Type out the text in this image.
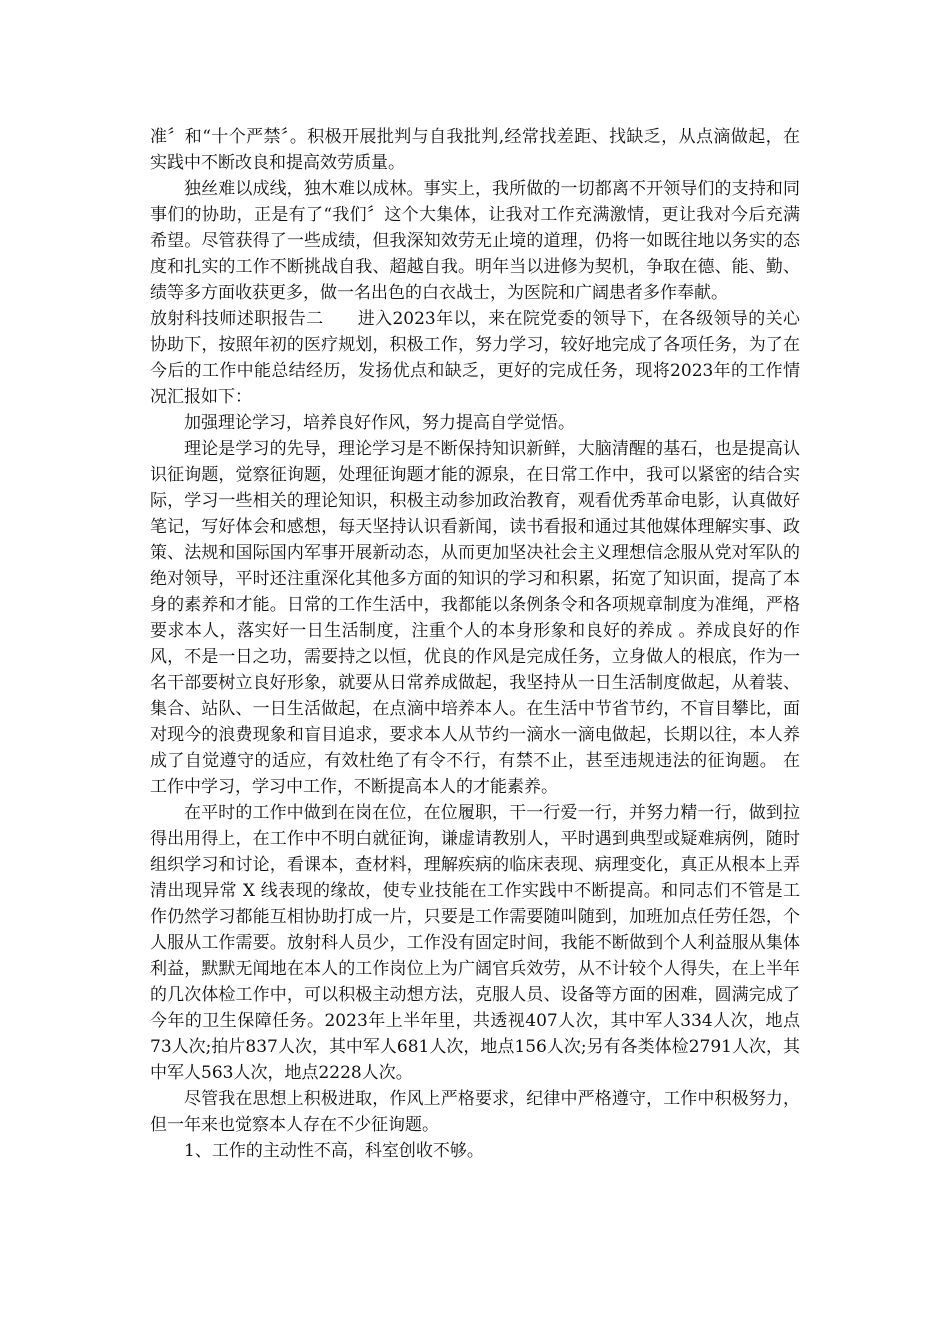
准〞和“十个严禁〞。积极开展批判与自我批判,经常找差距、找缺乏，从点滴做起，在实践中不断改良和提高效劳质量。

独丝难以成线，独木难以成林。事实上，我所做的一切都离不开领导们的支持和同事们的协助，正是有了“我们〞这个大集体，让我对工作充满激情，更让我对今后充满希望。尽管获得了一些成绩，但我深知效劳无止境的道理，仍将一如既往地以务实的态度和扎实的工作不断挑战自我、超越自我。明年当以进修为契机，争取在德、能、勤、绩等多方面收获更多，做一名出色的白衣战士，为医院和广阔患者多作奉献。

放射科技师述职报告二 进入2023年以，来在院党委的领导下，在各级领导的关心协助下，按照年初的医疗规划，积极工作，努力学习，较好地完成了各项任务，为了在今后的工作中能总结经历，发扬优点和缺乏，更好的完成任务，现将2023年的工作情况汇报如下：

加强理论学习，培养良好作风，努力提高自学觉悟。

理论是学习的先导，理论学习是不断保持知识新鲜，大脑清醒的基石，也是提高认识征询题，觉察征询题，处理征询题才能的源泉，在日常工作中，我可以紧密的结合实际，学习一些相关的理论知识，积极主动参加政治教育，观看优秀革命电影，认真做好笔记，写好体会和感想，每天坚持认识看新闻，读书看报和通过其他媒体理解实事、政策、法规和国际国内军事开展新动态，从而更加坚决社会主义理想信念服从党对军队的绝对领导，平时还注重深化其他多方面的知识的学习和积累，拓宽了知识面，提高了本身的素养和才能。日常的工作生活中，我都能以条例条令和各项规章制度为准绳，严格要求本人，落实好一日生活制度，注重个人的本身形象和良好的养成 。养成良好的作风，不是一日之功，需要持之以恒，优良的作风是完成任务，立身做人的根底，作为一名干部要树立良好形象，就要从日常养成做起，我坚持从一日生活制度做起，从着装、集合、站队、一日生活做起，在点滴中培养本人。在生活中节省节约，不盲目攀比，面对现今的浪费现象和盲目追求，要求本人从节约一滴水一滴电做起，长期以往，本人养成了自觉遵守的适应，有效杜绝了有令不行，有禁不止，甚至违规违法的征询题。 在工作中学习，学习中工作，不断提高本人的才能素养。

在平时的工作中做到在岗在位，在位履职，干一行爱一行，并努力精一行，做到拉得出用得上，在工作中不明白就征询，谦虚请教别人，平时遇到典型或疑难病例，随时组织学习和讨论，看课本，查材料，理解疾病的临床表现、病理变化，真正从根本上弄清出现异常 X 线表现的缘故，使专业技能在工作实践中不断提高。和同志们不管是工作仍然学习都能互相协助打成一片，只要是工作需要随叫随到，加班加点任劳任怨，个人服从工作需要。放射科人员少，工作没有固定时间，我能不断做到个人利益服从集体利益，默默无闻地在本人的工作岗位上为广阔官兵效劳，从不计较个人得失，在上半年的几次体检工作中，可以积极主动想方法，克服人员、设备等方面的困难，圆满完成了今年的卫生保障任务。2023年上半年里，共透视407人次，其中军人334人次，地点73人次;拍片837人次，其中军人681人次，地点156人次;另有各类体检2791人次，其中军人563人次，地点2228人次。

尽管我在思想上积极进取，作风上严格要求，纪律中严格遵守，工作中积极努力，但一年来也觉察本人存在不少征询题。

1、工作的主动性不高，科室创收不够。
